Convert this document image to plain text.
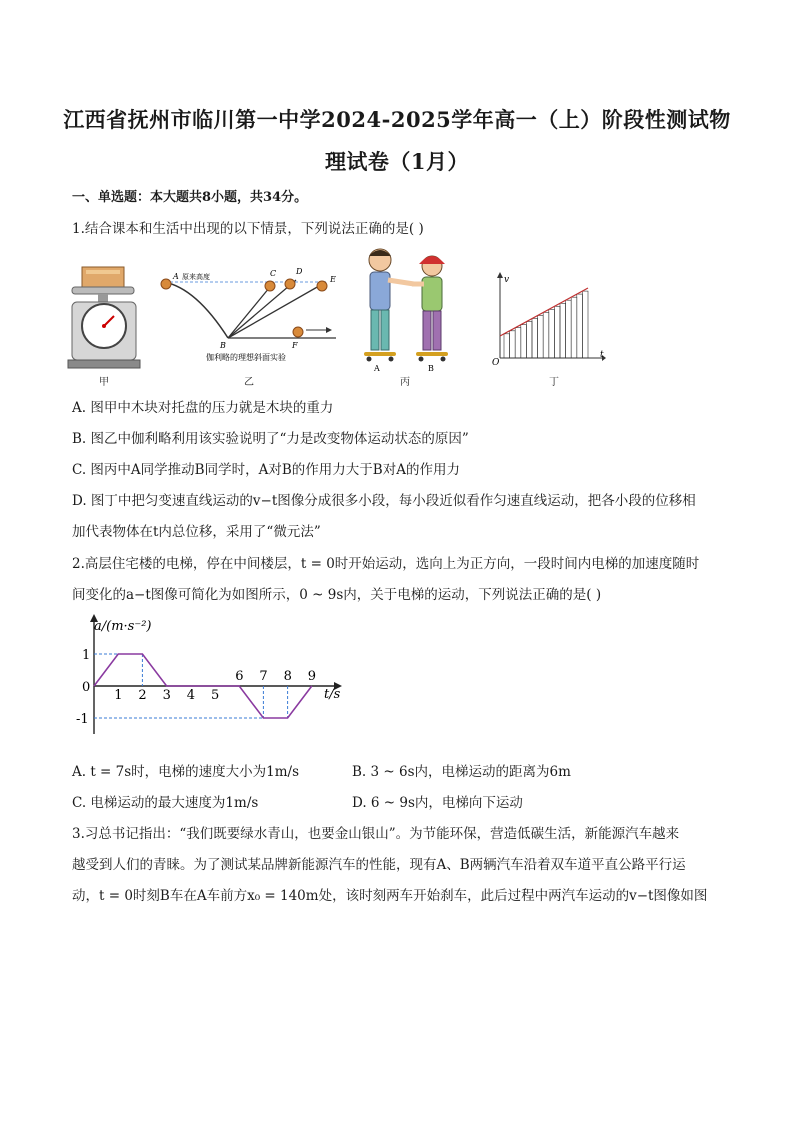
江西省抚州市临川第一中学2024-2025学年高一（上）阶段性测试物
理试卷（1月）
一、单选题：本大题共8小题，共34分。
1.结合课本和生活中出现的以下情景，下列说法正确的是( )
甲
A 原来高度
B
C D
E
F
伽利略的理想斜面实验
乙
A	B
丙
v
t
O
丁
A. 图甲中木块对托盘的压力就是木块的重力
B. 图乙中伽利略利用该实验说明了“力是改变物体运动状态的原因”
C. 图丙中A同学推动B同学时，A对B的作用力大于B对A的作用力
D. 图丁中把匀变速直线运动的v−t图像分成很多小段，每小段近似看作匀速直线运动，把各小段的位移相
加代表物体在t内总位移，采用了“微元法”
2.高层住宅楼的电梯，停在中间楼层，t = 0时开始运动，选向上为正方向，一段时间内电梯的加速度随时
间变化的a−t图像可简化为如图所示，0 ~ 9s内，关于电梯的运动，下列说法正确的是( )
1 2 3 4 5
6 7 8 9
1
0
-1
a/(m·s⁻²)
t/s
A. t = 7s时，电梯的速度大小为1m/s	B. 3 ~ 6s内，电梯运动的距离为6m
C. 电梯运动的最大速度为1m/s	D. 6 ~ 9s内，电梯向下运动
3.习总书记指出：“我们既要绿水青山，也要金山银山”。为节能环保，营造低碳生活，新能源汽车越来
越受到人们的青睐。为了测试某品牌新能源汽车的性能，现有A、B两辆汽车沿着双车道平直公路平行运
动，t = 0时刻B车在A车前方x₀ = 140m处，该时刻两车开始刹车，此后过程中两汽车运动的v−t图像如图
